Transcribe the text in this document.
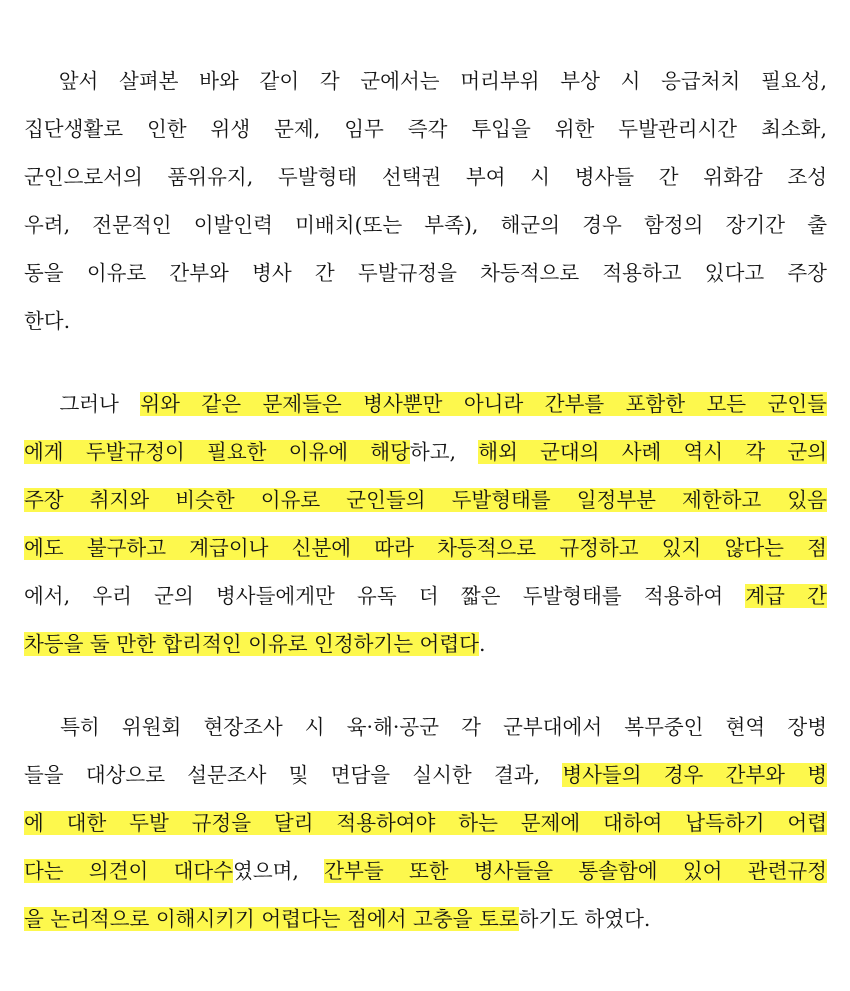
　앞서 살펴본 바와 같이 각 군에서는 머리부위 부상 시 응급처치 필요성,
집단생활로 인한 위생 문제, 임무 즉각 투입을 위한 두발관리시간 최소화,
군인으로서의 품위유지, 두발형태 선택권 부여 시 병사들 간 위화감 조성
우려, 전문적인 이발인력 미배치(또는 부족), 해군의 경우 함정의 장기간 출
동을 이유로 간부와 병사 간 두발규정을 차등적으로 적용하고 있다고 주장
한다.
　그러나 위와 같은 문제들은 병사뿐만 아니라 간부를 포함한 모든 군인들
에게 두발규정이 필요한 이유에 해당하고, 해외 군대의 사례 역시 각 군의
주장 취지와 비슷한 이유로 군인들의 두발형태를 일정부분 제한하고 있음
에도 불구하고 계급이나 신분에 따라 차등적으로 규정하고 있지 않다는 점
에서, 우리 군의 병사들에게만 유독 더 짧은 두발형태를 적용하여 계급 간
차등을 둘 만한 합리적인 이유로 인정하기는 어렵다.
　특히 위원회 현장조사 시 육·해·공군 각 군부대에서 복무중인 현역 장병
들을 대상으로 설문조사 및 면담을 실시한 결과, 병사들의 경우 간부와 병
에 대한 두발 규정을 달리 적용하여야 하는 문제에 대하여 납득하기 어렵
다는 의견이 대다수였으며, 간부들 또한 병사들을 통솔함에 있어 관련규정
을 논리적으로 이해시키기 어렵다는 점에서 고충을 토로하기도 하였다.
